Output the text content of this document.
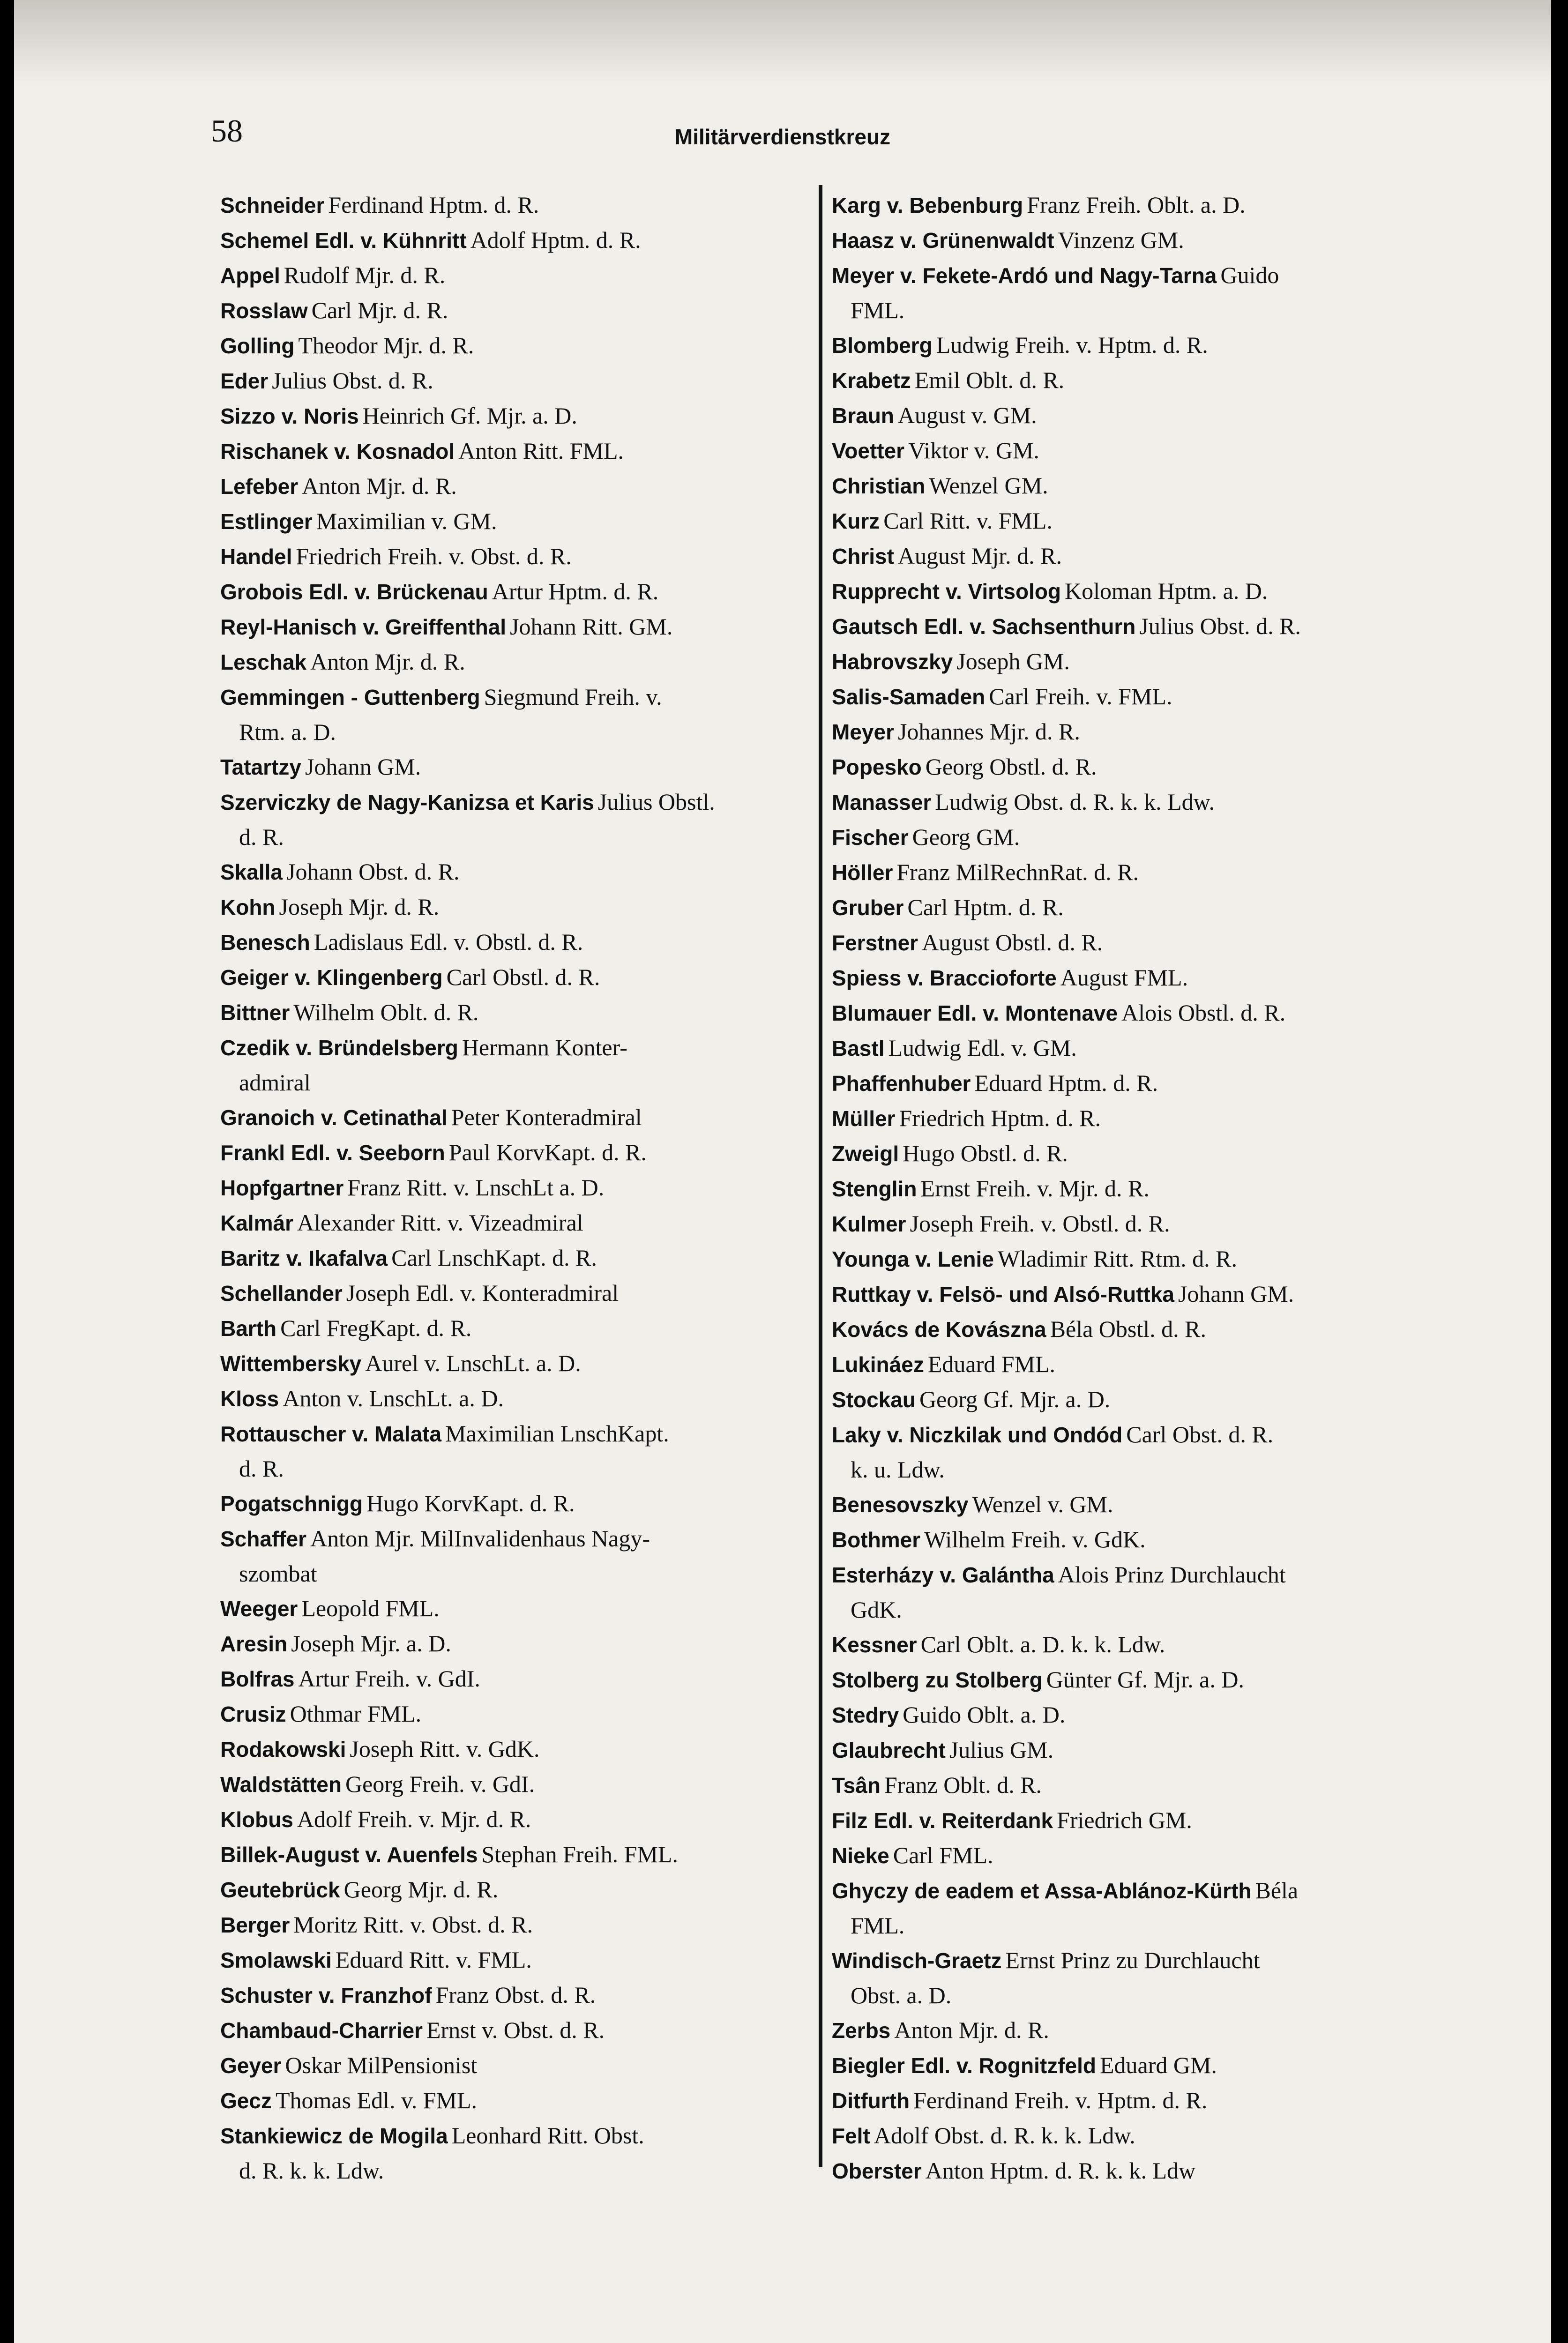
58	Militärverdienstkreuz
Schneider Ferdinand Hptm. d. R.
Schemel Edl. v. Kühnritt Adolf Hptm. d. R.
Appel Rudolf Mjr. d. R.
Rosslaw Carl Mjr. d. R.
Golling Theodor Mjr. d. R.
Eder Julius Obst. d. R.
Sizzo v. Noris Heinrich Gf. Mjr. a. D.
Rischanek v. Kosnadol Anton Ritt. FML.
Lefeber Anton Mjr. d. R.
Estlinger Maximilian v. GM.
Handel Friedrich Freih. v. Obst. d. R.
Grobois Edl. v. Brückenau Artur Hptm. d. R.
Reyl-Hanisch v. Greiffenthal Johann Ritt. GM.
Leschak Anton Mjr. d. R.
Gemmingen - Guttenberg Siegmund Freih. v.
Rtm. a. D.
Tatartzy Johann GM.
Szerviczky de Nagy-Kanizsa et Karis Julius Obstl.
d. R.
Skalla Johann Obst. d. R.
Kohn Joseph Mjr. d. R.
Benesch Ladislaus Edl. v. Obstl. d. R.
Geiger v. Klingenberg Carl Obstl. d. R.
Bittner Wilhelm Oblt. d. R.
Czedik v. Bründelsberg Hermann Konter-
admiral
Granoich v. Cetinathal Peter Konteradmiral
Frankl Edl. v. Seeborn Paul KorvKapt. d. R.
Hopfgartner Franz Ritt. v. LnschLt a. D.
Kalmár Alexander Ritt. v. Vizeadmiral
Baritz v. Ikafalva Carl LnschKapt. d. R.
Schellander Joseph Edl. v. Konteradmiral
Barth Carl FregKapt. d. R.
Wittembersky Aurel v. LnschLt. a. D.
Kloss Anton v. LnschLt. a. D.
Rottauscher v. Malata Maximilian LnschKapt.
d. R.
Pogatschnigg Hugo KorvKapt. d. R.
Schaffer Anton Mjr. MilInvalidenhaus Nagy-
szombat
Weeger Leopold FML.
Aresin Joseph Mjr. a. D.
Bolfras Artur Freih. v. GdI.
Crusiz Othmar FML.
Rodakowski Joseph Ritt. v. GdK.
Waldstätten Georg Freih. v. GdI.
Klobus Adolf Freih. v. Mjr. d. R.
Billek-August v. Auenfels Stephan Freih. FML.
Geutebrück Georg Mjr. d. R.
Berger Moritz Ritt. v. Obst. d. R.
Smolawski Eduard Ritt. v. FML.
Schuster v. Franzhof Franz Obst. d. R.
Chambaud-Charrier Ernst v. Obst. d. R.
Geyer Oskar MilPensionist
Gecz Thomas Edl. v. FML.
Stankiewicz de Mogila Leonhard Ritt. Obst.
d. R. k. k. Ldw.
Karg v. Bebenburg Franz Freih. Oblt. a. D.
Haasz v. Grünenwaldt Vinzenz GM.
Meyer v. Fekete-Ardó und Nagy-Tarna Guido
FML.
Blomberg Ludwig Freih. v. Hptm. d. R.
Krabetz Emil Oblt. d. R.
Braun August v. GM.
Voetter Viktor v. GM.
Christian Wenzel GM.
Kurz Carl Ritt. v. FML.
Christ August Mjr. d. R.
Rupprecht v. Virtsolog Koloman Hptm. a. D.
Gautsch Edl. v. Sachsenthurn Julius Obst. d. R.
Habrovszky Joseph GM.
Salis-Samaden Carl Freih. v. FML.
Meyer Johannes Mjr. d. R.
Popesko Georg Obstl. d. R.
Manasser Ludwig Obst. d. R. k. k. Ldw.
Fischer Georg GM.
Höller Franz MilRechnRat. d. R.
Gruber Carl Hptm. d. R.
Ferstner August Obstl. d. R.
Spiess v. Braccioforte August FML.
Blumauer Edl. v. Montenave Alois Obstl. d. R.
Bastl Ludwig Edl. v. GM.
Phaffenhuber Eduard Hptm. d. R.
Müller Friedrich Hptm. d. R.
Zweigl Hugo Obstl. d. R.
Stenglin Ernst Freih. v. Mjr. d. R.
Kulmer Joseph Freih. v. Obstl. d. R.
Younga v. Lenie Wladimir Ritt. Rtm. d. R.
Ruttkay v. Felsö- und Alsó-Ruttka Johann GM.
Kovács de Kovászna Béla Obstl. d. R.
Lukináez Eduard FML.
Stockau Georg Gf. Mjr. a. D.
Laky v. Niczkilak und Ondód Carl Obst. d. R.
k. u. Ldw.
Benesovszky Wenzel v. GM.
Bothmer Wilhelm Freih. v. GdK.
Esterházy v. Galántha Alois Prinz Durchlaucht
GdK.
Kessner Carl Oblt. a. D. k. k. Ldw.
Stolberg zu Stolberg Günter Gf. Mjr. a. D.
Stedry Guido Oblt. a. D.
Glaubrecht Julius GM.
Tsân Franz Oblt. d. R.
Filz Edl. v. Reiterdank Friedrich GM.
Nieke Carl FML.
Ghyczy de eadem et Assa-Ablánoz-Kürth Béla
FML.
Windisch-Graetz Ernst Prinz zu Durchlaucht
Obst. a. D.
Zerbs Anton Mjr. d. R.
Biegler Edl. v. Rognitzfeld Eduard GM.
Ditfurth Ferdinand Freih. v. Hptm. d. R.
Felt Adolf Obst. d. R. k. k. Ldw.
Oberster Anton Hptm. d. R. k. k. Ldw
